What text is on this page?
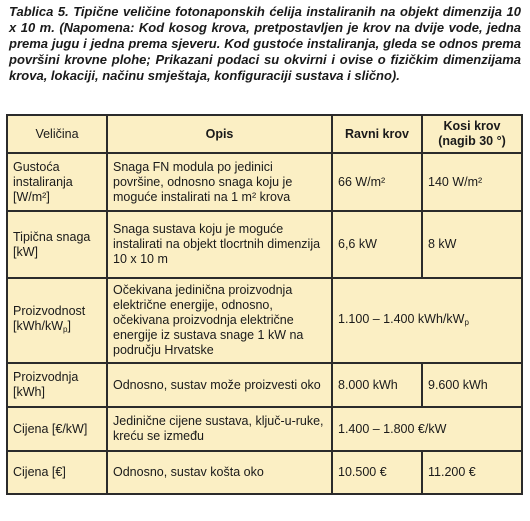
Tablica 5. Tipične veličine fotonaponskih ćelija instaliranih na objekt dimenzija 10 x 10 m. (Napomena: Kod kosog krova, pretpostavljen je krov na dvije vode, jedna prema jugu i jedna prema sjeveru. Kod gustoće instaliranja, gleda se odnos prema površini krovne plohe; Prikazani podaci su okvirni i ovise o fizičkim dimenzijama krova, lokaciji, načinu smještaja, konfiguraciji sustava i slično).
Veličina	Opis	Ravni krov	Kosi krov
(nagib 30 °)
Gustoća instaliranja [W/m²]	Snaga FN modula po jedinici površine, odnosno snaga koju je moguće instalirati na 1 m² krova	66 W/m²	140 W/m²
Tipična snaga [kW]	Snaga sustava koju je moguće instalirati na objekt tlocrtnih dimenzija 10 x 10 m	6,6 kW	8 kW
Proizvodnost $[kWh/kW_p]$	Očekivana jedinična proizvodnja električne energije, odnosno, očekivana proizvodnja električne energije iz sustava snage 1 kW na području Hrvatske	1.100 – 1.400 kWh/$kW_p$
Proizvodnja [kWh]	Odnosno, sustav može proizvesti oko	8.000 kWh	9.600 kWh
Cijena [€/kW]	Jedinične cijene sustava, ključ-u-ruke, kreću se između	1.400 – 1.800 €/kW	
Cijena [€]	Odnosno, sustav košta oko	10.500 €	11.200 €
